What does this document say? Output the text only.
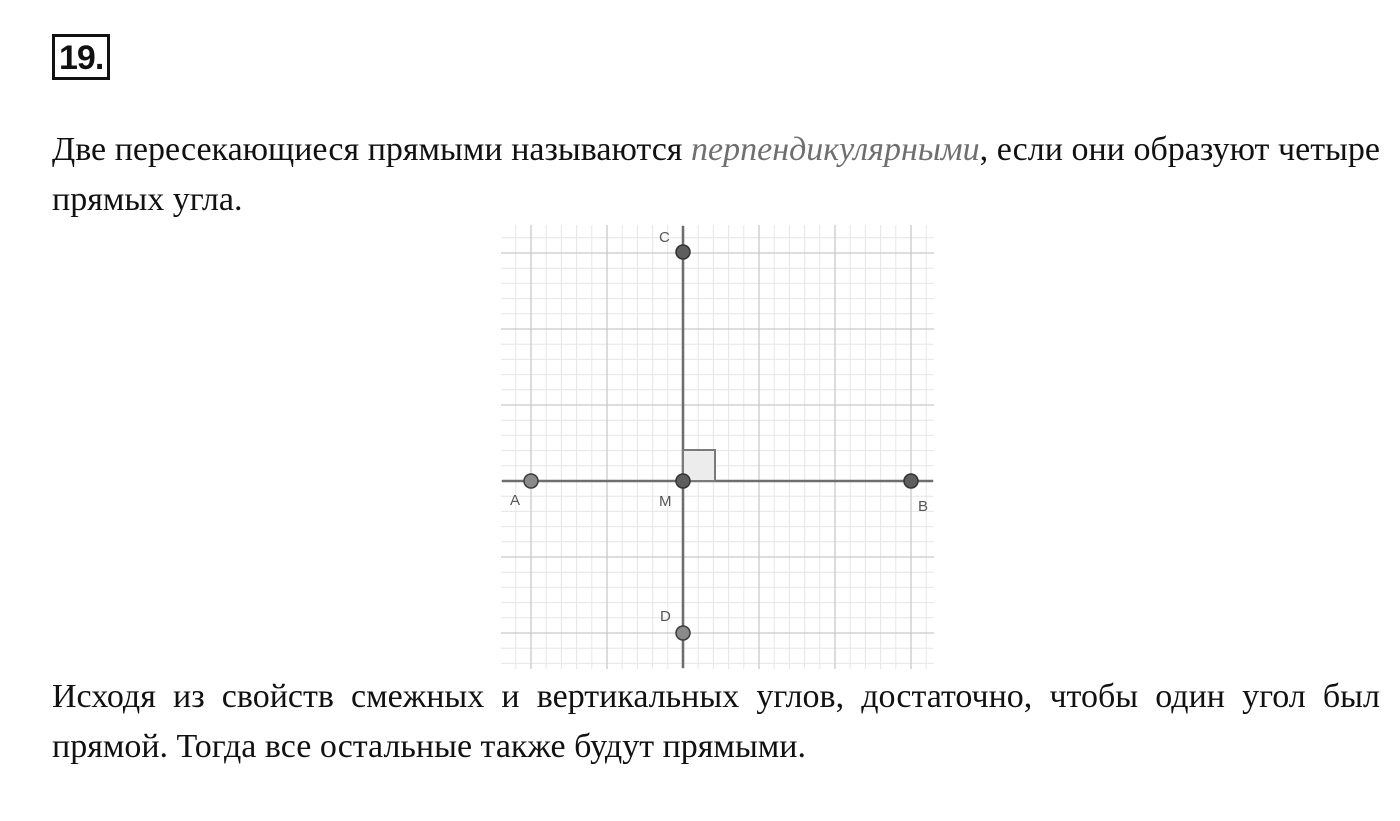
19.

Две пересекающиеся прямыми называются перпендикулярными, если они образуют четыре прямых угла.

A	M	B
C
D

Исходя из свойств смежных и вертикальных углов, достаточно, чтобы один угол был прямой. Тогда все остальные также будут прямыми.
